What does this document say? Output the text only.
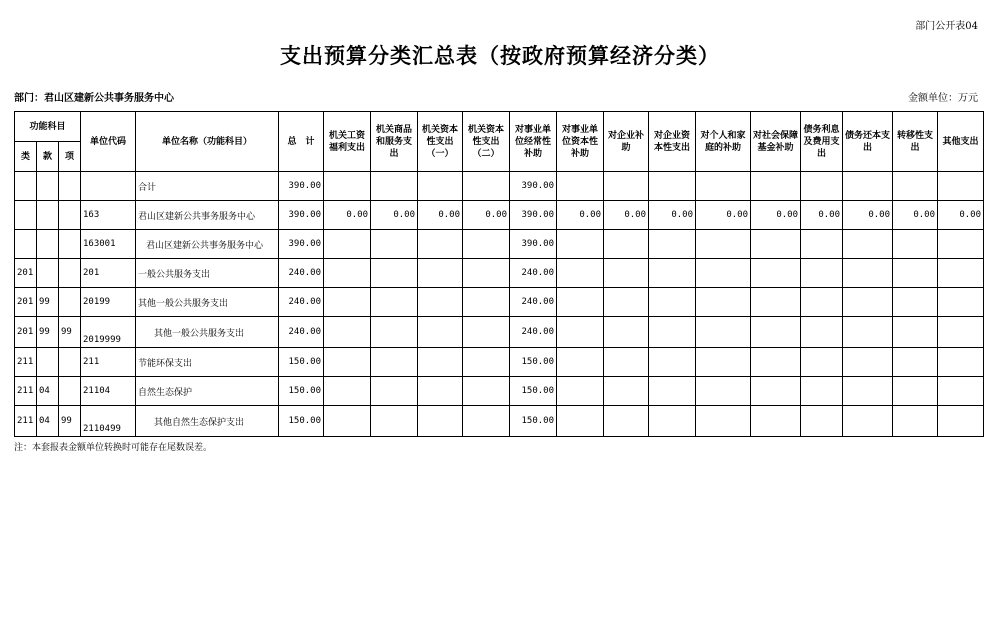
部门公开表04
支出预算分类汇总表（按政府预算经济分类）
部门：君山区建新公共事务服务中心	金额单位：万元
功能科目			单位代码	单位名称（功能科目）	总　计	机关工资福利支出	机关商品和服务支出	机关资本性支出（一）	机关资本性支出（二）	对事业单位经常性补助	对事业单位资本性补助	对企业补助	对企业资本性支出	对个人和家庭的补助	对社会保障基金补助	债务利息及费用支出	债务还本支出	转移性支出	其他支出
类	款	项																	
				合计	390.00					390.00									
			163	君山区建新公共事务服务中心	390.00	0.00	0.00	0.00	0.00	390.00	0.00	0.00	0.00	0.00	0.00	0.00	0.00	0.00	0.00
			163001	君山区建新公共事务服务中心	390.00					390.00									
201			201	一般公共服务支出	240.00					240.00									
201	99		20199	其他一般公共服务支出	240.00					240.00									
201	99	99	2019999	其他一般公共服务支出	240.00					240.00									
211			211	节能环保支出	150.00					150.00									
211	04		21104	自然生态保护	150.00					150.00									
211	04	99	2110499	其他自然生态保护支出	150.00					150.00									
注：本套报表金额单位转换时可能存在尾数误差。
